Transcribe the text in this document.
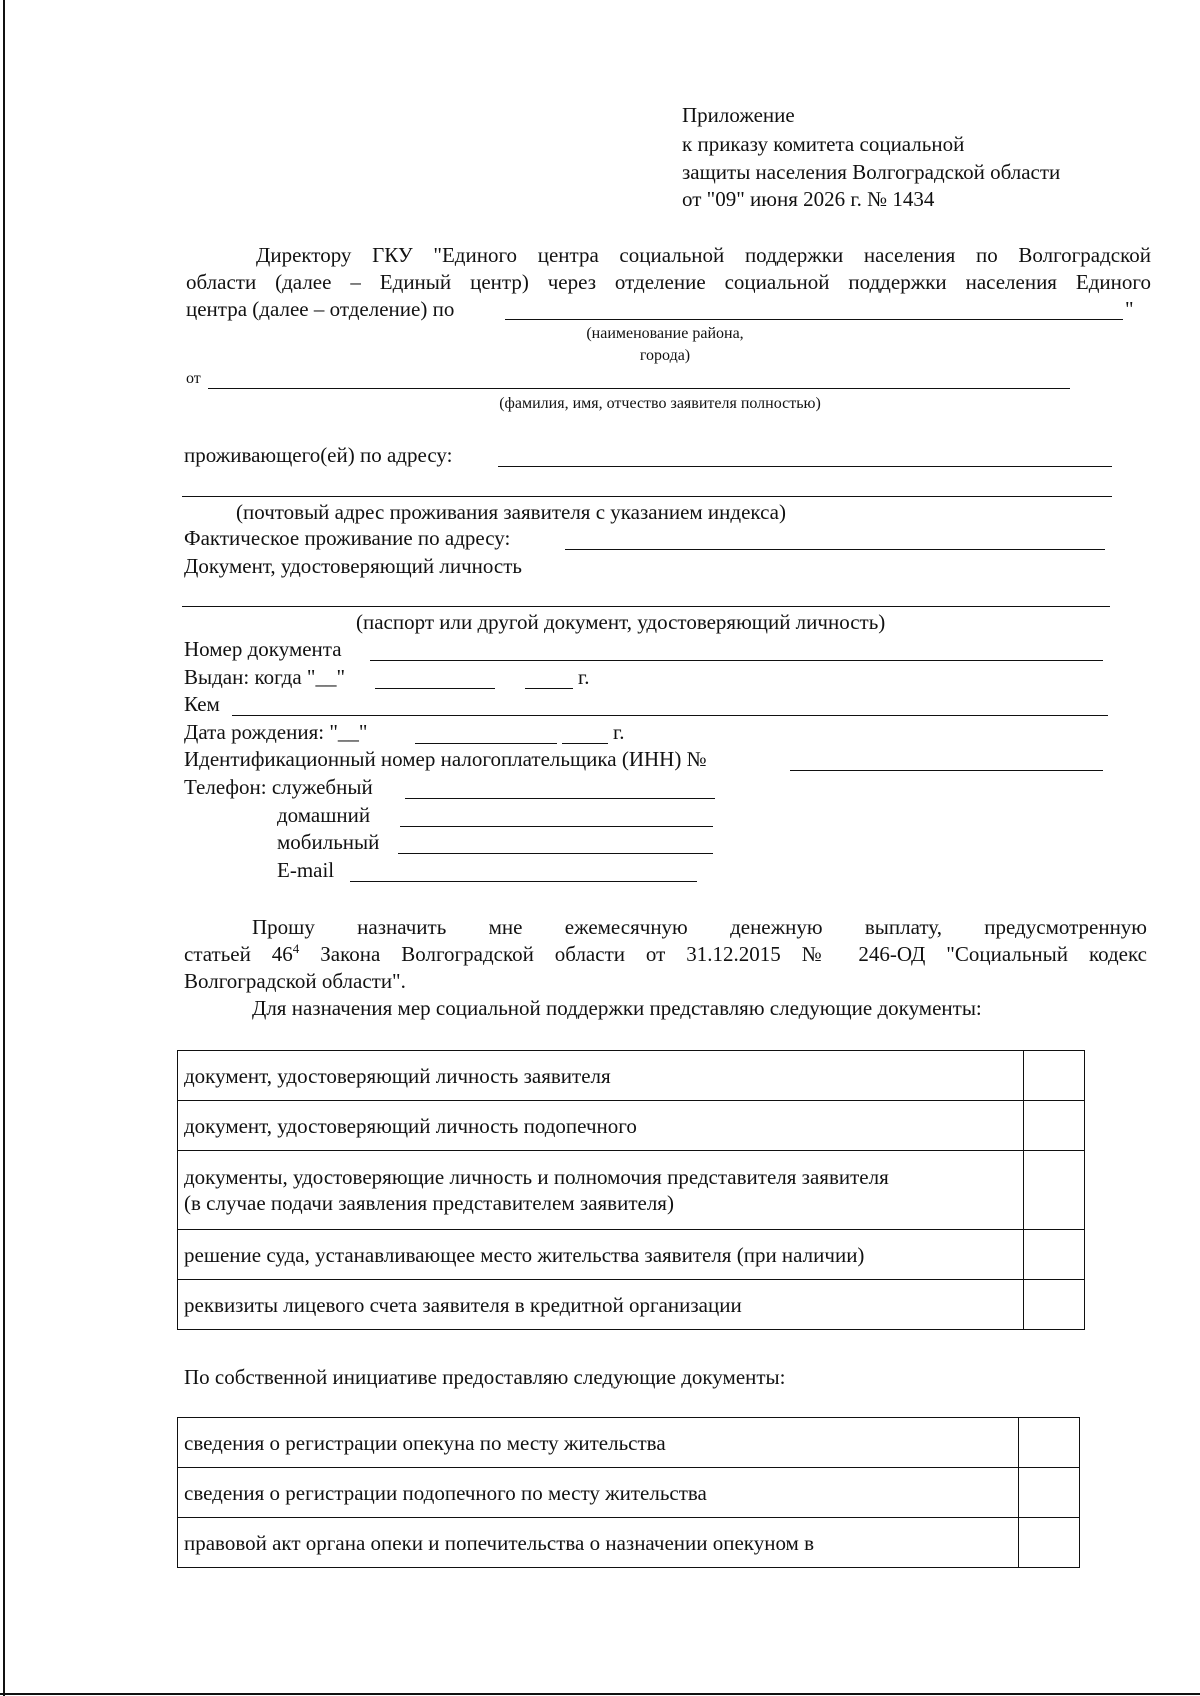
Приложение
к приказу комитета социальной
защиты населения Волгоградской области
от "09" июня 2026 г. № 1434
Директору ГКУ "Единого центра социальной поддержки населения по Волгоградской
области (далее – Единый центр) через отделение социальной поддержки населения Единого
центра (далее – отделение) по	"
(наименование района,
города)
от
(фамилия, имя, отчество заявителя полностью)
проживающего(ей) по адресу:
(почтовый адрес проживания заявителя с указанием индекса)
Фактическое проживание по адресу:
Документ, удостоверяющий личность
(паспорт или другой документ, удостоверяющий личность)
Номер документа
Выдан: когда "__"	г.
Кем
Дата рождения: "__"	г.
Идентификационный номер налогоплательщика (ИНН) №
Телефон: служебный
домашний
мобильный
E-mail
Прошу назначить мне ежемесячную денежную выплату, предусмотренную
статьей $46^4$ Закона Волгоградской области от 31.12.2015 № 246-ОД "Социальный кодекс
Волгоградской области".
Для назначения мер социальной поддержки представляю следующие документы:
документ, удостоверяющий личность заявителя	

документ, удостоверяющий личность подопечного	

документы, удостоверяющие личность и полномочия представителя заявителя
(в случае подачи заявления представителем заявителя)	

решение суда, устанавливающее место жительства заявителя (при наличии)	

реквизиты лицевого счета заявителя в кредитной организации	

По собственной инициативе предоставляю следующие документы:
сведения о регистрации опекуна по месту жительства	

сведения о регистрации подопечного по месту жительства	

правовой акт органа опеки и попечительства о назначении опекуном в	
